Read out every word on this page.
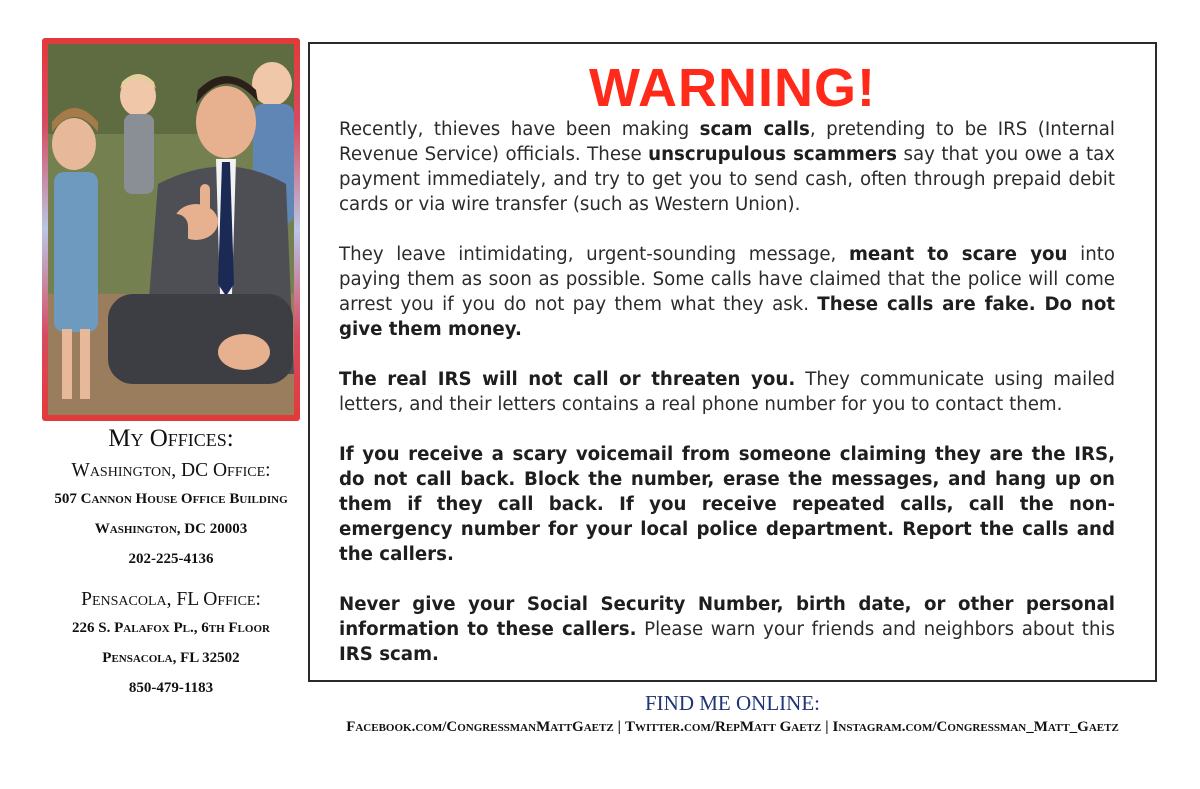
My Offices:
Washington, DC Office:
507 Cannon House Office Building
Washington, DC 20003
202-225-4136
Pensacola, FL Office:
226 S. Palafox Pl., 6th Floor
Pensacola, FL 32502
850-479-1183
WARNING!

Recently, thieves have been making scam calls, pretending to be IRS (Internal Revenue Service) officials. These unscrupulous scammers say that you owe a tax payment immediately, and try to get you to send cash, often through prepaid debit cards or via wire transfer (such as Western Union).

They leave intimidating, urgent-sounding message, meant to scare you into paying them as soon as possible. Some calls have claimed that the police will come arrest you if you do not pay them what they ask. These calls are fake. Do not give them money.

The real IRS will not call or threaten you. They communicate using mailed letters, and their letters contains a real phone number for you to contact them.

If you receive a scary voicemail from someone claiming they are the IRS, do not call back. Block the number, erase the messages, and hang up on them if they call back. If you receive repeated calls, call the non-emergency number for your local police department. Report the calls and the callers.

Never give your Social Security Number, birth date, or other personal information to these callers. Please warn your friends and neighbors about this IRS scam.

FIND ME ONLINE:
Facebook.com/CongressmanMattGaetz | Twitter.com/RepMatt Gaetz | Instagram.com/Congressman_Matt_Gaetz
